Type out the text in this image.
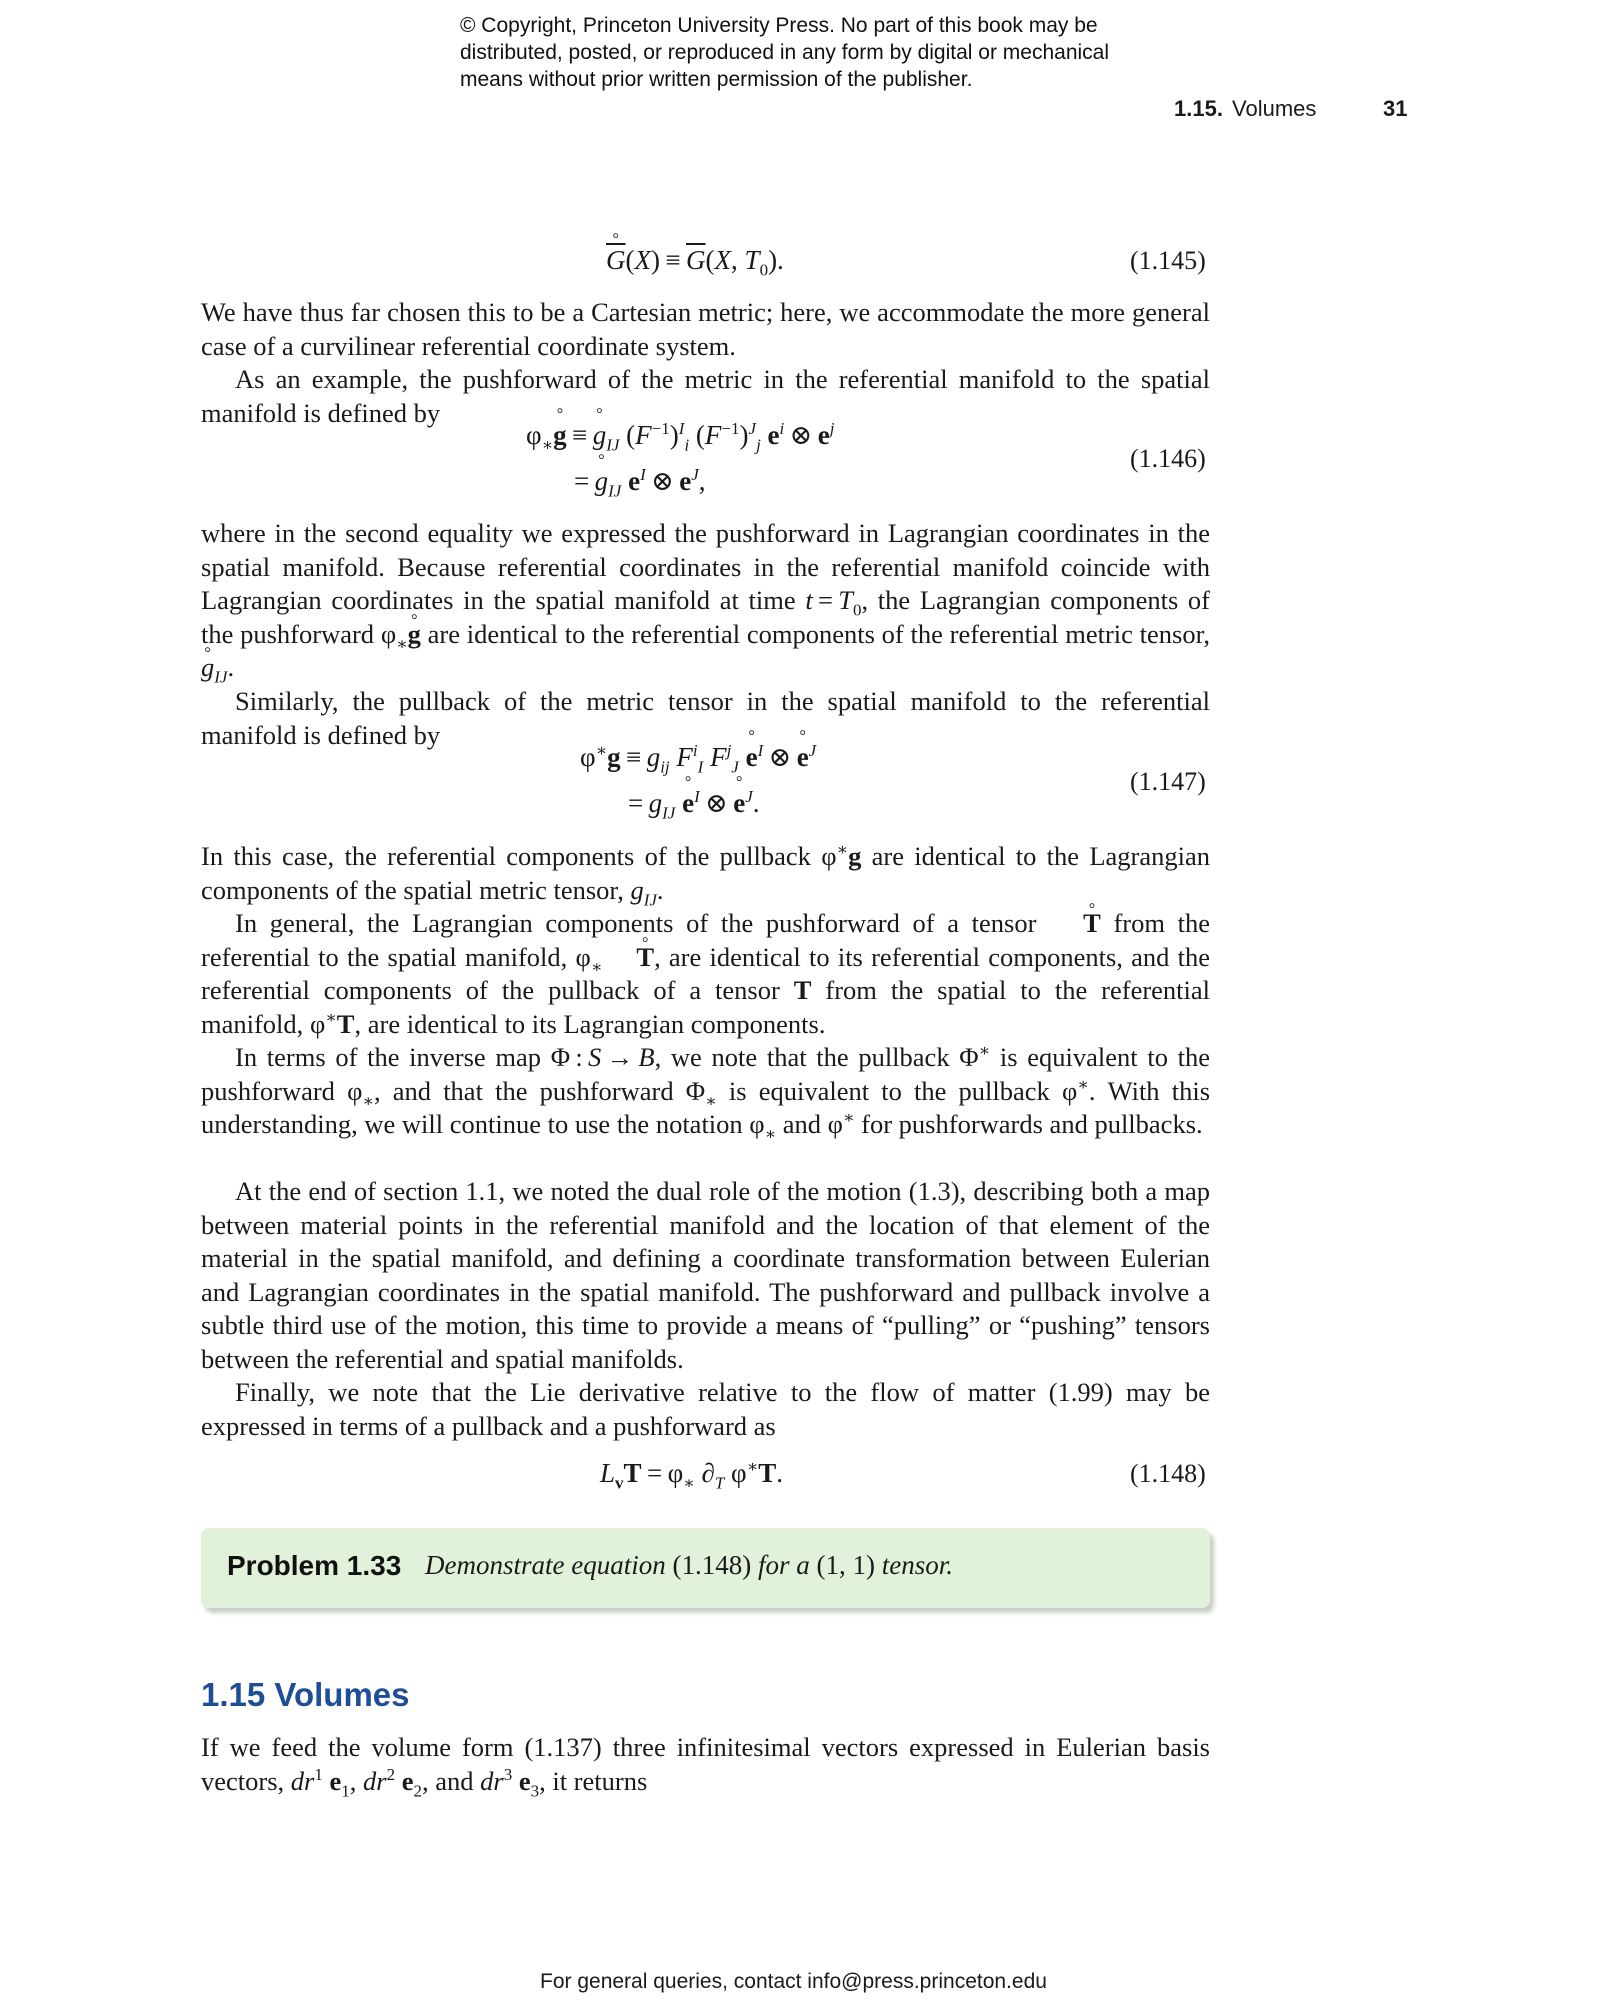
© Copyright, Princeton University Press. No part of this book may be
distributed, posted, or reproduced in any form by digital or mechanical
means without prior written permission of the publisher.
1.15. Volumes	31
° $\overline{G}(X) \equiv \overline{G}(X$, $T_0$).	(1.145)
We have thus far chosen this to be a Cartesian metric; here, we accommodate the more general case of a curvilinear referential coordinate system.
As an example, the pushforward of the metric in the referential manifold to the spatial manifold is defined by
$\varphi_∗^\circ$ g ≡ ° $g_{IJ}$ $(F^{-1})^I_i$ $(F^{-1})^J_j$ $e^i$ ⊗ $e^j$
= ° $g_{IJ}$ $e^I$ ⊗ $e^J$,
(1.146)
where in the second equality we expressed the pushforward in Lagrangian coordinates in the spatial manifold. Because referential coordinates in the referential manifold coincide with Lagrangian coordinates in the spatial manifold at time $t = T_0$, the Lagrangian components of the pushforward $\varphi_∗^\circ$ g are identical to the referential components of the referential metric tensor, ° $g_{IJ}$.
Similarly, the pullback of the metric tensor in the spatial manifold to the referential manifold is defined by
$\varphi^∗g \equiv g_{ij}$ $F^i_I$ $F^j_J$ ° $e^I$ ⊗ ° $e^J$
= $g_{IJ}$ ° $e^I$ ⊗ ° $e^J$.
(1.147)
In this case, the referential components of the pullback φ∗g are identical to the Lagrangian components of the spatial metric tensor, $g_{IJ}$.
In general, the Lagrangian components of the pushforward of a tensor ° T from the referential to the spatial manifold, $\varphi_∗$ ° T, are identical to its referential components, and the referential components of the pullback of a tensor T from the spatial to the referential manifold, φ∗T, are identical to its Lagrangian components.
In terms of the inverse map Φ : S → B, we note that the pullback Φ∗ is equivalent to the pushforward $\varphi_∗$, and that the pushforward $\Phi_∗$ is equivalent to the pullback φ∗. With this understanding, we will continue to use the notation $\varphi_∗$ and φ∗ for pushforwards and pullbacks.
At the end of section 1.1, we noted the dual role of the motion (1.3), describing both a map between material points in the referential manifold and the location of that element of the material in the spatial manifold, and defining a coordinate transformation between Eulerian and Lagrangian coordinates in the spatial manifold. The pushforward and pullback involve a subtle third use of the motion, this time to provide a means of “pulling” or “pushing” tensors between the referential and spatial manifolds.
Finally, we note that the Lie derivative relative to the flow of matter (1.99) may be expressed in terms of a pullback and a pushforward as
$L_vT = \varphi_∗$ $\partial_T$ φ∗T.	(1.148)
Problem 1.33 Demonstrate equation (1.148) for a (1, 1) tensor.
1.15 Volumes
If we feed the volume form (1.137) three infinitesimal vectors expressed in Eulerian basis vectors, $dr^1$ $e_1$, $dr^2$ $e_2$, and $dr^3$ $e_3$, it returns
For general queries, contact info@press.princeton.edu
